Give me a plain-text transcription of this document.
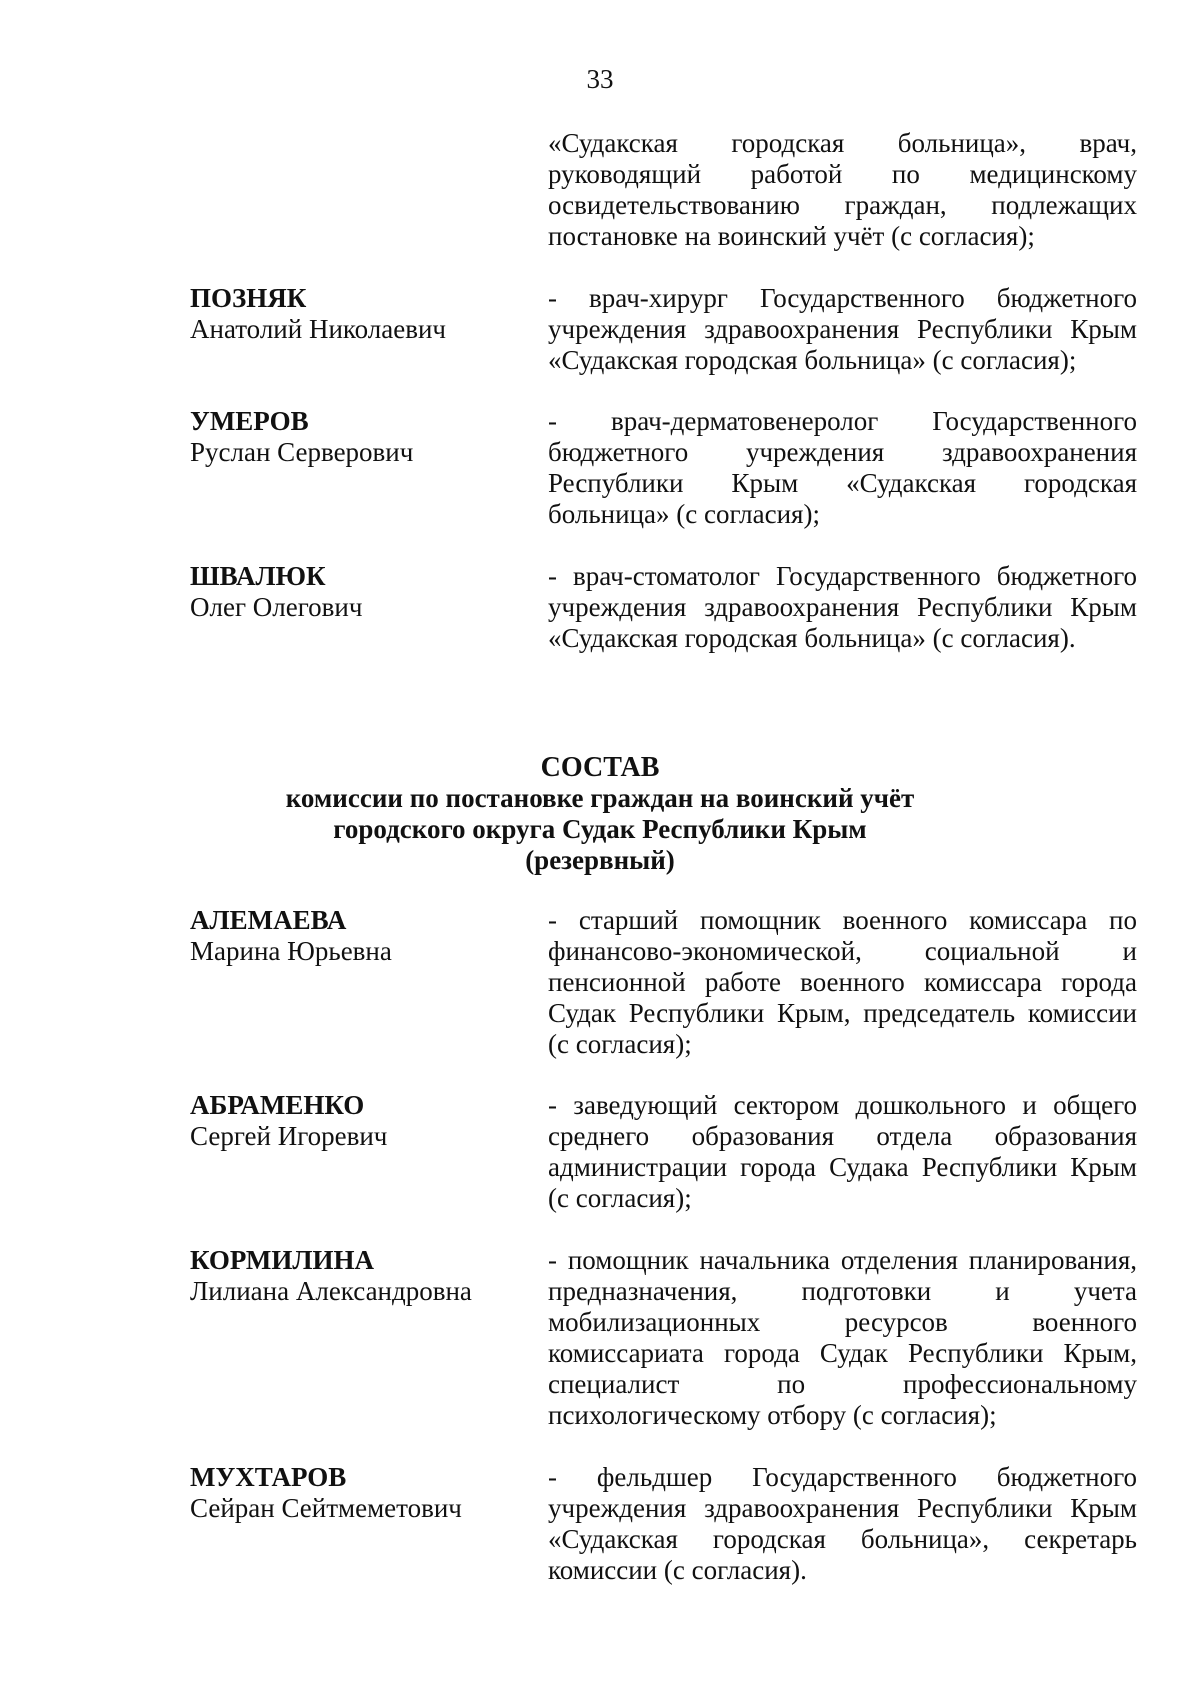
33
«Судакская городская больница», врач, руководящий работой по медицинскому освидетельствованию граждан, подлежащих постановке на воинский учёт (с согласия);
ПОЗНЯК
Анатолий Николаевич
- врач-хирург Государственного бюджетного учреждения здравоохранения Республики Крым «Судакская городская больница» (с согласия);
УМЕРОВ
Руслан Серверович
- врач-дерматовенеролог Государственного бюджетного учреждения здравоохранения Республики Крым «Судакская городская больница» (с согласия);
ШВАЛЮК
Олег Олегович
- врач-стоматолог Государственного бюджетного учреждения здравоохранения Республики Крым «Судакская городская больница» (с согласия).
СОСТАВ
комиссии по постановке граждан на воинский учёт
городского округа Судак Республики Крым
(резервный)
АЛЕМАЕВА
Марина Юрьевна
- старший помощник военного комиссара по финансово-экономической, социальной и пенсионной работе военного комиссара города Судак Республики Крым, председатель комиссии (с согласия);
АБРАМЕНКО
Сергей Игоревич
- заведующий сектором дошкольного и общего среднего образования отдела образования администрации города Судака Республики Крым (с согласия);
КОРМИЛИНА
Лилиана Александровна
- помощник начальника отделения планирования, предназначения, подготовки и учета мобилизационных ресурсов военного комиссариата города Судак Республики Крым, специалист по профессиональному психологическому отбору (с согласия);
МУХТАРОВ
Сейран Сейтмеметович
- фельдшер Государственного бюджетного учреждения здравоохранения Республики Крым «Судакская городская больница», секретарь комиссии (с согласия).
